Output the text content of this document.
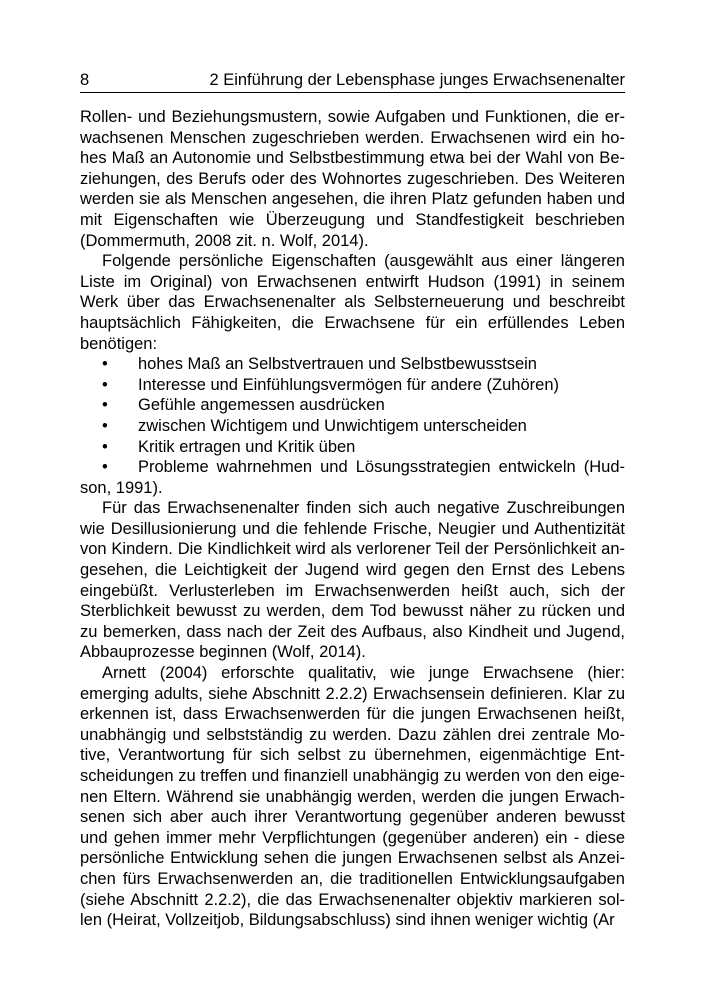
8	2 Einführung der Lebensphase junges Erwachsenenalter

Rollen- und Beziehungsmustern, sowie Aufgaben und Funktionen, die erwachsenen Menschen zugeschrieben werden. Erwachsenen wird ein hohes Maß an Autonomie und Selbstbestimmung etwa bei der Wahl von Beziehungen, des Berufs oder des Wohnortes zugeschrieben. Des Weiteren werden sie als Menschen angesehen, die ihren Platz gefunden haben und mit Eigenschaften wie Überzeugung und Standfestigkeit beschrieben (Dommermuth, 2008 zit. n. Wolf, 2014).

Folgende persönliche Eigenschaften (ausgewählt aus einer längeren Liste im Original) von Erwachsenen entwirft Hudson (1991) in seinem Werk über das Erwachsenenalter als Selbsterneuerung und beschreibt hauptsächlich Fähigkeiten, die Erwachsene für ein erfüllendes Leben benötigen:

• hohes Maß an Selbstvertrauen und Selbstbewusstsein
• Interesse und Einfühlungsvermögen für andere (Zuhören)
• Gefühle angemessen ausdrücken
• zwischen Wichtigem und Unwichtigem unterscheiden
• Kritik ertragen und Kritik üben

• Probleme wahrnehmen und Lösungsstrategien entwickeln (Hudson, 1991).

Für das Erwachsenenalter finden sich auch negative Zuschreibungen wie Desillusionierung und die fehlende Frische, Neugier und Authentizität von Kindern. Die Kindlichkeit wird als verlorener Teil der Persönlichkeit angesehen, die Leichtigkeit der Jugend wird gegen den Ernst des Lebens eingebüßt. Verlusterleben im Erwachsenwerden heißt auch, sich der Sterblichkeit bewusst zu werden, dem Tod bewusst näher zu rücken und zu bemerken, dass nach der Zeit des Aufbaus, also Kindheit und Jugend, Abbauprozesse beginnen (Wolf, 2014).

Arnett (2004) erforschte qualitativ, wie junge Erwachsene (hier: emerging adults, siehe Abschnitt 2.2.2) Erwachsensein definieren. Klar zu erkennen ist, dass Erwachsenwerden für die jungen Erwachsenen heißt, unabhängig und selbstständig zu werden. Dazu zählen drei zentrale Motive, Verantwortung für sich selbst zu übernehmen, eigenmächtige Entscheidungen zu treffen und finanziell unabhängig zu werden von den eigenen Eltern. Während sie unabhängig werden, werden die jungen Erwachsenen sich aber auch ihrer Verantwortung gegenüber anderen bewusst und gehen immer mehr Verpflichtungen (gegenüber anderen) ein - diese persönliche Entwicklung sehen die jungen Erwachsenen selbst als Anzeichen fürs Erwachsenwerden an, die traditionellen Entwicklungsaufgaben (siehe Abschnitt 2.2.2), die das Erwachsenenalter objektiv markieren sollen (Heirat, Vollzeitjob, Bildungsabschluss) sind ihnen weniger wichtig (Ar
